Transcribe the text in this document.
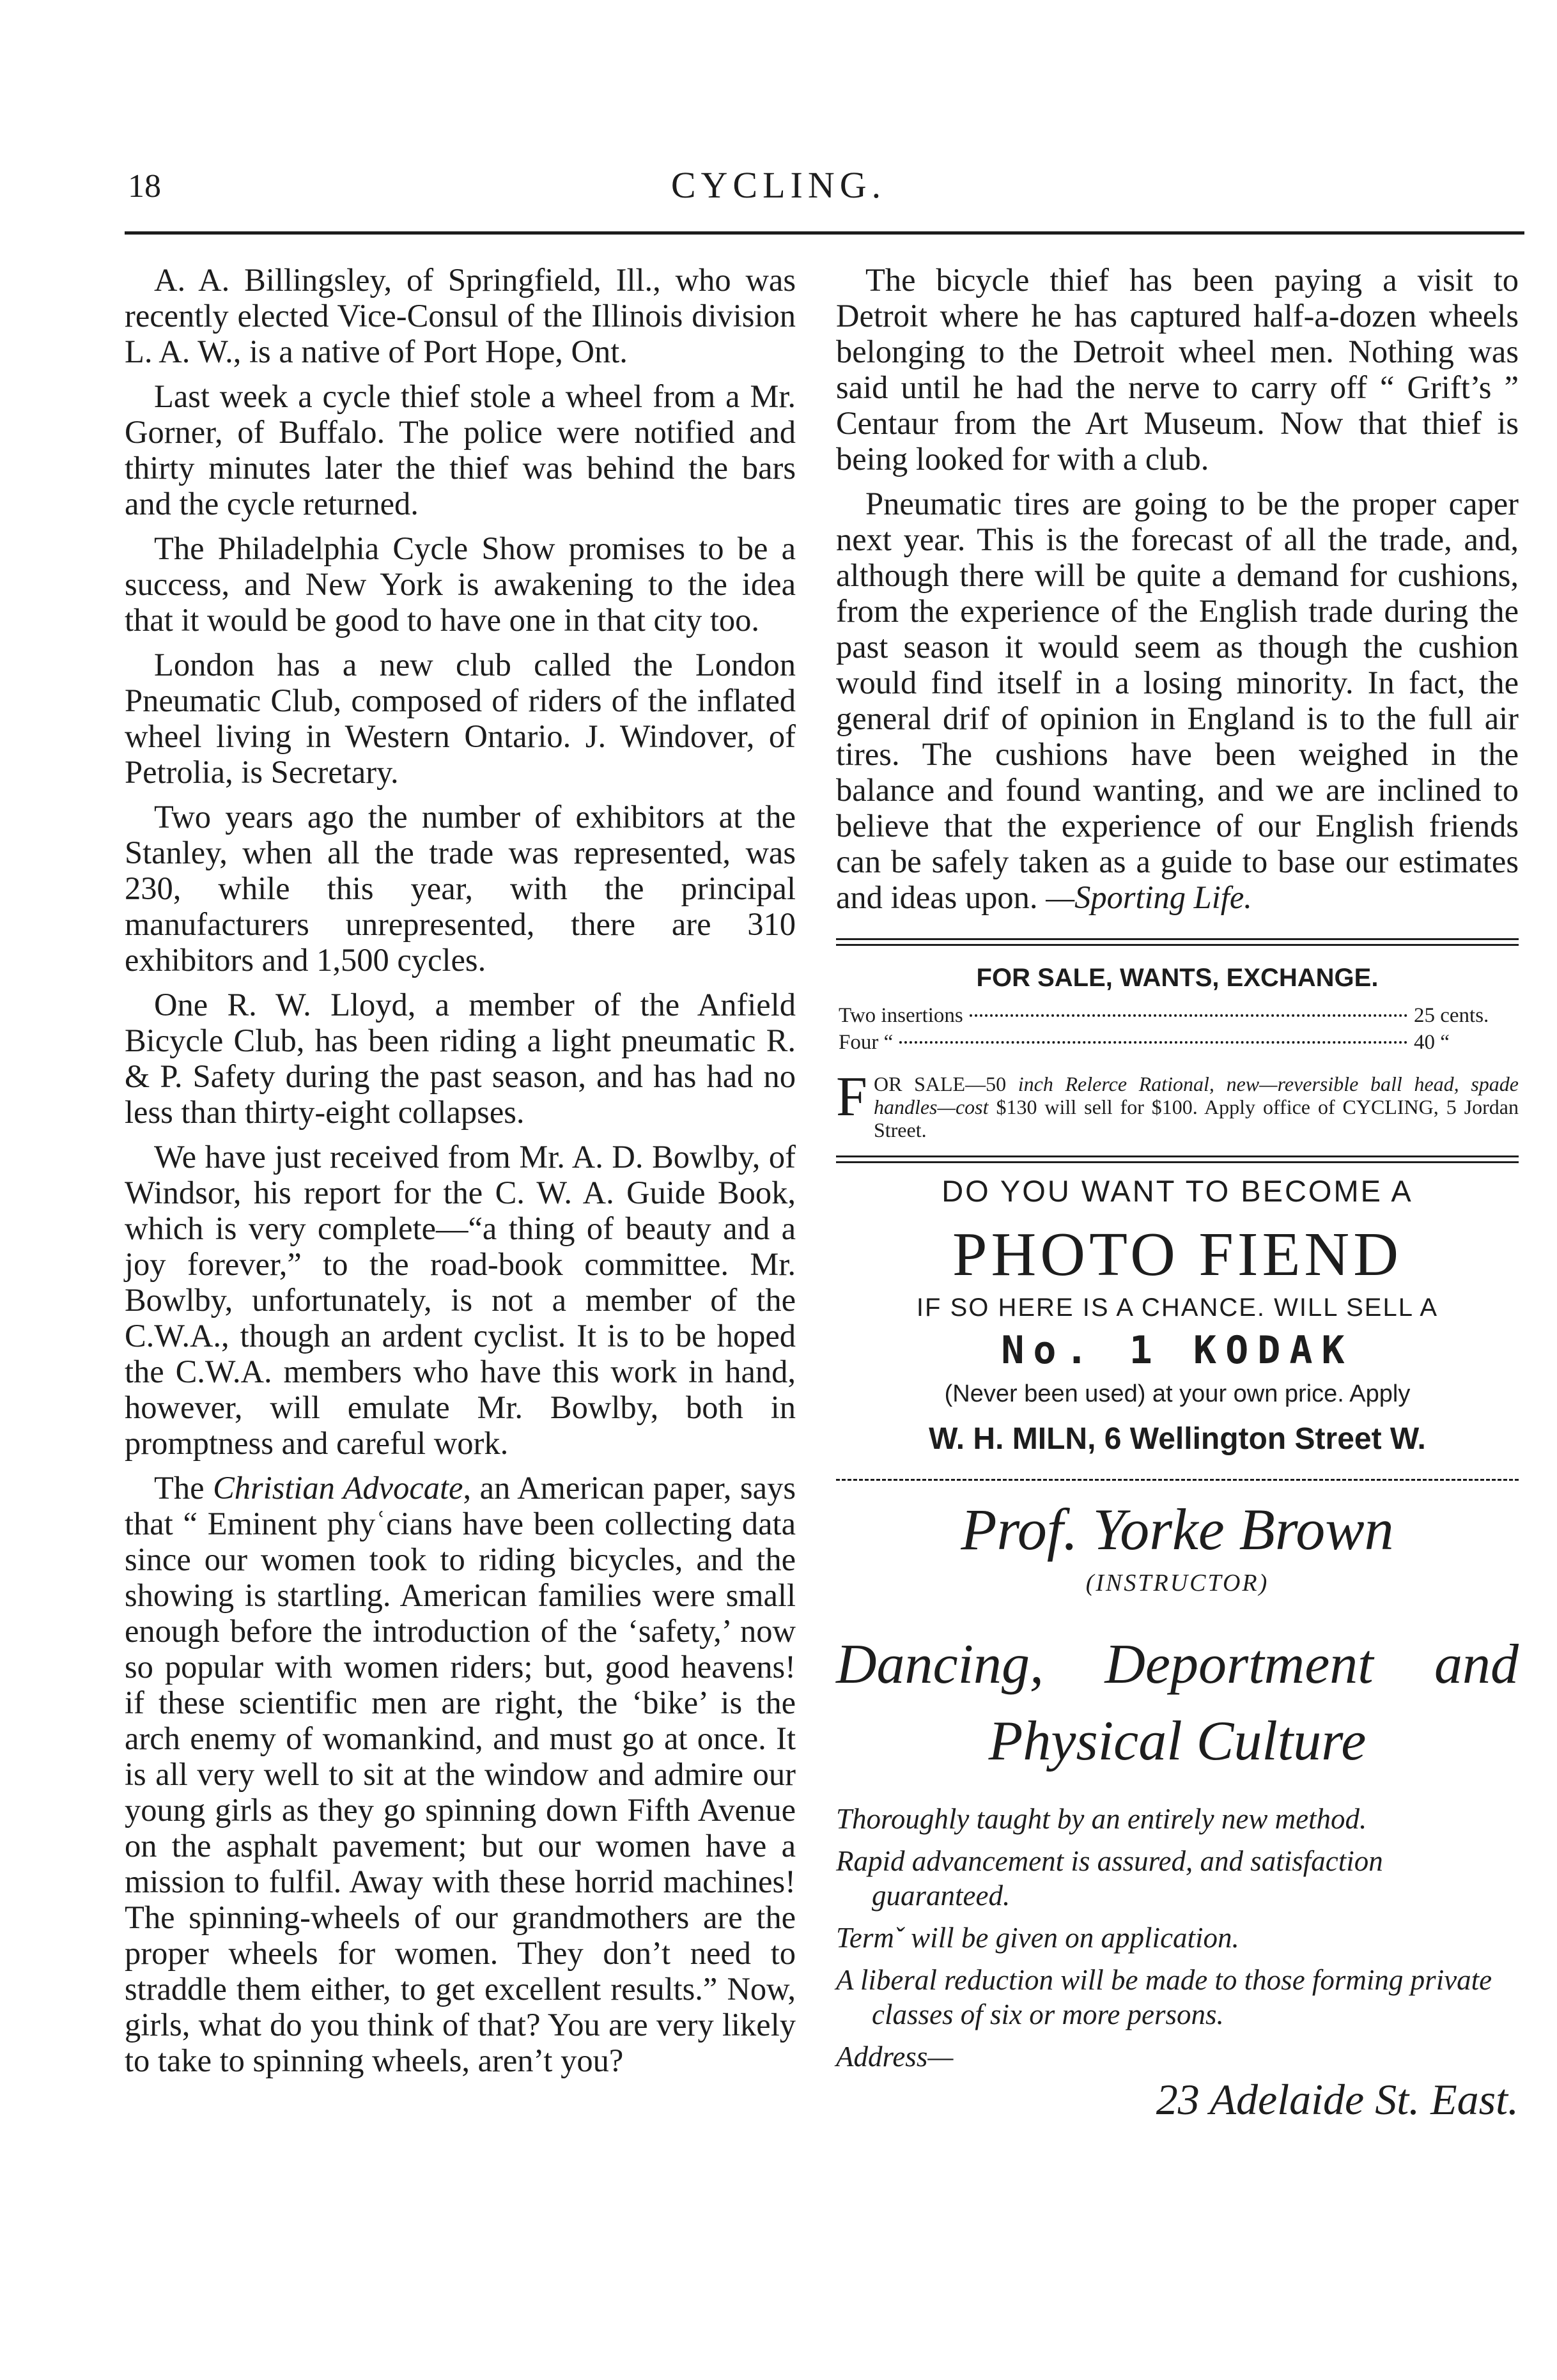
18	CYCLING.

A. A. Billingsley, of Springfield, Ill., who was recently elected Vice-Consul of the Illinois division L. A. W., is a native of Port Hope, Ont.

Last week a cycle thief stole a wheel from a Mr. Gorner, of Buffalo. The police were notified and thirty minutes later the thief was behind the bars and the cycle returned.

The Philadelphia Cycle Show promises to be a success, and New York is awakening to the idea that it would be good to have one in that city too.

London has a new club called the London Pneumatic Club, composed of riders of the inflated wheel living in Western Ontario. J. Windover, of Petrolia, is Secretary.

Two years ago the number of exhibitors at the Stanley, when all the trade was represented, was 230, while this year, with the principal manufacturers unrepresented, there are 310 exhibitors and 1,500 cycles.

One R. W. Lloyd, a member of the Anfield Bicycle Club, has been riding a light pneumatic R. & P. Safety during the past season, and has had no less than thirty-eight collapses.

We have just received from Mr. A. D. Bowlby, of Windsor, his report for the C. W. A. Guide Book, which is very complete—“a thing of beauty and a joy forever,” to the road-book committee. Mr. Bowlby, unfortunately, is not a member of the C.W.A., though an ardent cyclist. It is to be hoped the C.W.A. members who have this work in hand, however, will emulate Mr. Bowlby, both in promptness and careful work.

The Christian Advocate, an American paper, says that “ Eminent phyʿcians have been collecting data since our women took to riding bicycles, and the showing is startling. American families were small enough before the introduction of the ‘safety,’ now so popular with women riders; but, good heavens! if these scientific men are right, the ‘bike’ is the arch enemy of womankind, and must go at once. It is all very well to sit at the window and admire our young girls as they go spinning down Fifth Avenue on the asphalt pavement; but our women have a mission to fulfil. Away with these horrid machines! The spinning-wheels of our grandmothers are the proper wheels for women. They don’t need to straddle them either, to get excellent results.” Now, girls, what do you think of that? You are very likely to take to spinning wheels, aren’t you?

The bicycle thief has been paying a visit to Detroit where he has captured half-a-dozen wheels belonging to the Detroit wheel men. Nothing was said until he had the nerve to carry off “ Grift’s ” Centaur from the Art Museum. Now that thief is being looked for with a club.

Pneumatic tires are going to be the proper caper next year. This is the forecast of all the trade, and, although there will be quite a demand for cushions, from the experience of the English trade during the past season it would seem as though the cushion would find itself in a losing minority. In fact, the general drif of opinion in England is to the full air tires. The cushions have been weighed in the balance and found wanting, and we are inclined to believe that the experience of our English friends can be safely taken as a guide to base our estimates and ideas upon. —Sporting Life.

FOR SALE, WANTS, EXCHANGE.
Two insertions	25 cents.
Four “	40 “
FOR SALE—50 inch Relerce Rational, new—reversible ball head, spade handles—cost $130 will sell for $100. Apply office of CYCLING, 5 Jordan Street.
DO YOU WANT TO BECOME A
PHOTO FIEND
IF SO HERE IS A CHANCE. WILL SELL A
No. 1 KODAK
(Never been used) at your own price. Apply
W. H. MILN, 6 Wellington Street W.
Prof. Yorke Brown
(INSTRUCTOR)
Dancing, Deportment and
Physical Culture

Thoroughly taught by an entirely new method.

Rapid advancement is assured, and satisfaction guaranteed.

Termˇ will be given on application.

A liberal reduction will be made to those forming private classes of six or more persons.

Address—

23 Adelaide St. East.
